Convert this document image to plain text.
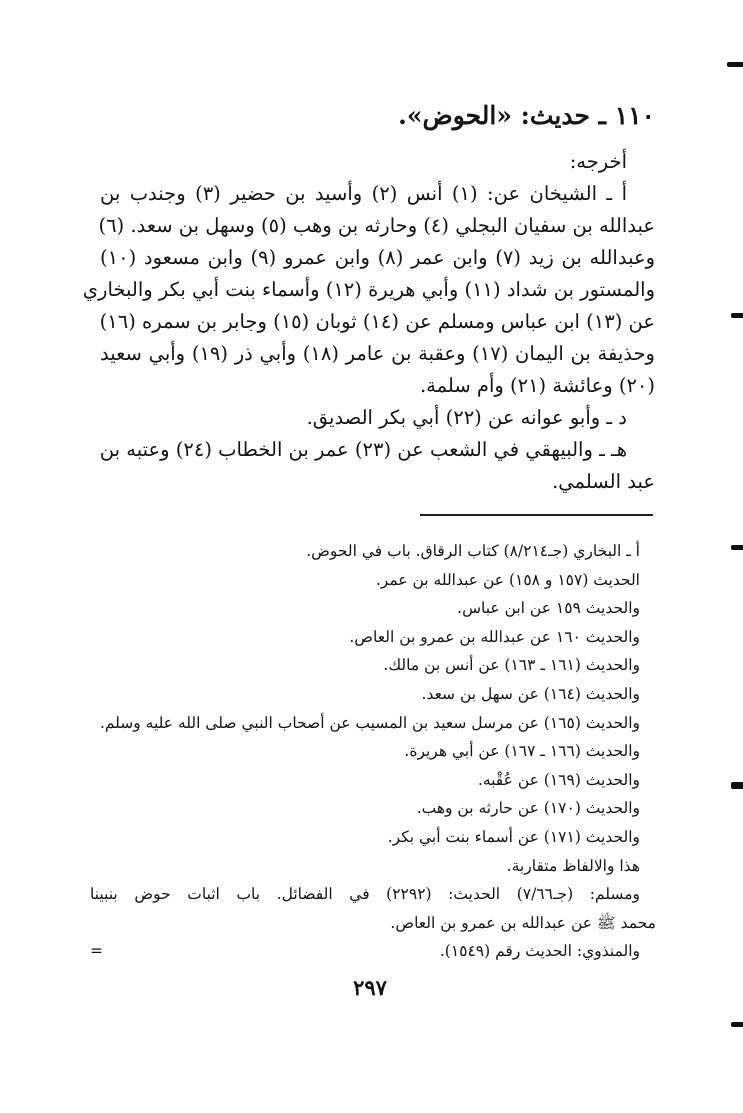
١١٠ ـ حديث: «الحوض».
أخرجه:
أ ـ الشيخان عن: (١) أنس (٢) وأسيد بن حضير (٣) وجندب بن
عبدالله بن سفيان البجلي (٤) وحارثه بن وهب (٥) وسهل بن سعد. (٦)
وعبدالله بن زيد (٧) وابن عمر (٨) وابن عمرو (٩) وابن مسعود (١٠)
والمستور بن شداد (١١) وأبي هريرة (١٢) وأسماء بنت أبي بكر والبخاري
عن (١٣) ابن عباس ومسلم عن (١٤) ثوبان (١٥) وجابر بن سمره (١٦)
وحذيفة بن اليمان (١٧) وعقبة بن عامر (١٨) وأبي ذر (١٩) وأبي سعيد
(٢٠) وعائشة (٢١) وأم سلمة.
د ـ وأبو عوانه عن (٢٢) أبي بكر الصديق.
هـ ـ والبيهقي في الشعب عن (٢٣) عمر بن الخطاب (٢٤) وعتبه بن
عبد السلمي.
أ ـ البخاري (جـ٨/٢١٤) كتاب الرقاق. باب في الحوض.
الحديث (١٥٧ و ١٥٨) عن عبدالله بن عمر.
والحديث ١٥٩ عن ابن عباس.
والحديث ١٦٠ عن عبدالله بن عمرو بن العاص.
والحديث (١٦١ ـ ١٦٣) عن أنس بن مالك.
والحديث (١٦٤) عن سهل بن سعد.
والحديث (١٦٥) عن مرسل سعيد بن المسيب عن أصحاب النبي صلى الله عليه وسلم.
والحديث (١٦٦ ـ ١٦٧) عن أبي هريرة.
والحديث (١٦٩) عن عُقْبه.
والحديث (١٧٠) عن حارثه بن وهب.
والحديث (١٧١) عن أسماء بنت أبي بكر.
هذا والالفاظ متقاربة.
ومسلم: (جـ٧/٦٦) الحديث: (٢٢٩٢) في الفضائل. باب اثبات حوض بنبينا
محمد ﷺ عن عبدالله بن عمرو بن العاص.
والمنذوي: الحديث رقم (١٥٤٩).
=
٢٩٧
